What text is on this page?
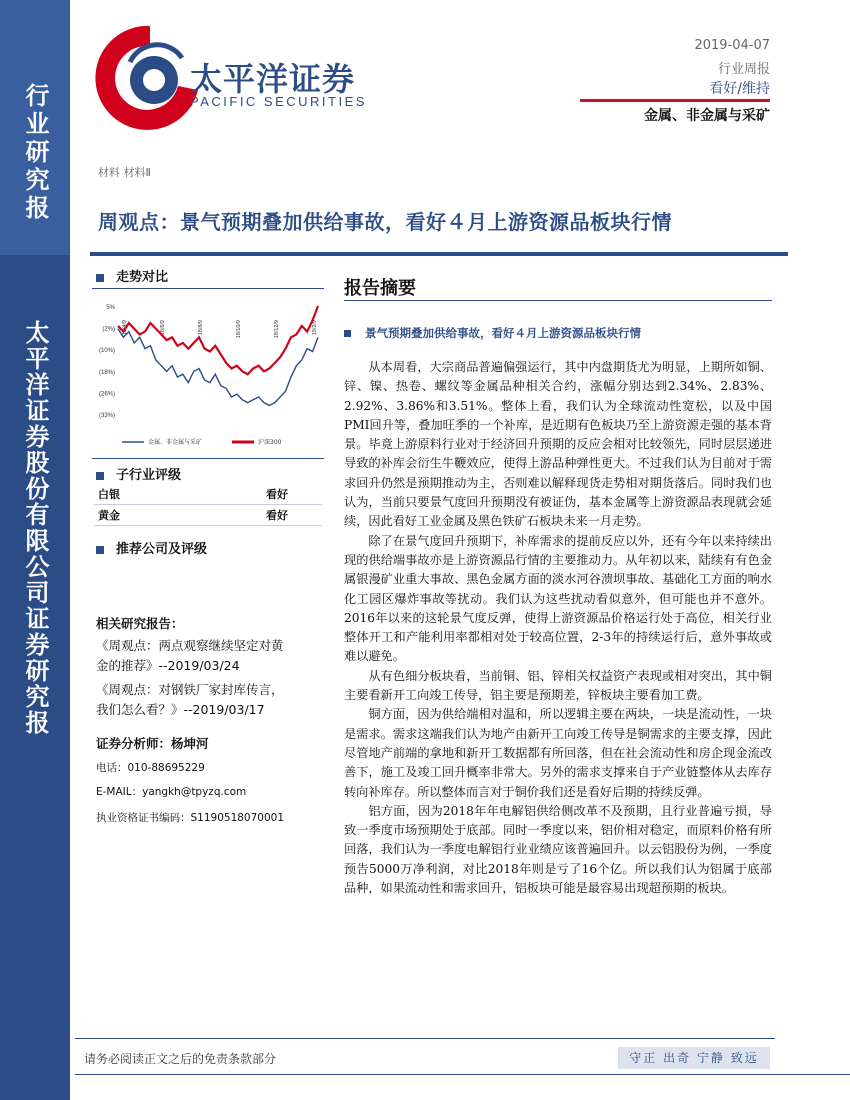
行业研究报
太平洋证券股份有限公司证券研究报
太平洋证券
PACIFIC SECURITIES
2019-04-07
行业周报
看好/维持
金属、非金属与采矿
材料 材料Ⅱ
周观点：景气预期叠加供给事故，看好４月上游资源品板块行情
走势对比
5%
(2%)
(10%)
(18%)
(26%)
(33%)
18/4/9	18/6/9	18/8/9	18/10/9	18/12/9	19/2/9
金属、非金属与采矿	沪深300
子行业评级
白银	看好
黄金	看好
推荐公司及评级
相关研究报告：
《周观点：两点观察继续坚定对黄
金的推荐》--2019/03/24
《周观点：对钢铁厂家封库传言，
我们怎么看？》--2019/03/17
证券分析师：杨坤河
电话：010-88695229
E-MAIL：yangkh@tpyzq.com
执业资格证书编码：S1190518070001
报告摘要
景气预期叠加供给事故，看好４月上游资源品板块行情

从本周看，大宗商品普遍偏强运行，其中内盘期货尤为明显，上期所如铜、锌、镍、热卷、螺纹等金属品种相关合约，涨幅分别达到2.34%、2.83%、2.92%、3.86%和3.51%。整体上看，我们认为全球流动性宽松，以及中国PMI回升等，叠加旺季的一个补库，是近期有色板块乃至上游资源走强的基本背景。毕竟上游原料行业对于经济回升预期的反应会相对比较领先，同时层层递进导致的补库会衍生牛鞭效应，使得上游品种弹性更大。不过我们认为目前对于需求回升仍然是预期推动为主，否则难以解释现货走势相对期货落后。同时我们也认为，当前只要景气度回升预期没有被证伪，基本金属等上游资源品表现就会延续，因此看好工业金属及黑色铁矿石板块未来一月走势。

除了在景气度回升预期下，补库需求的提前反应以外，还有今年以来持续出现的供给端事故亦是上游资源品行情的主要推动力。从年初以来，陆续有有色金属银漫矿业重大事故、黑色金属方面的淡水河谷溃坝事故、基础化工方面的响水化工园区爆炸事故等扰动。我们认为这些扰动看似意外，但可能也并不意外。2016年以来的这轮景气度反弹，使得上游资源品价格运行处于高位，相关行业整体开工和产能利用率都相对处于较高位置，2-3年的持续运行后，意外事故或难以避免。

从有色细分板块看，当前铜、铝、锌相关权益资产表现或相对突出，其中铜主要看新开工向竣工传导，铝主要是预期差，锌板块主要看加工费。

铜方面，因为供给端相对温和，所以逻辑主要在两块，一块是流动性，一块是需求。需求这端我们认为地产由新开工向竣工传导是铜需求的主要支撑，因此尽管地产前端的拿地和新开工数据都有所回落，但在社会流动性和房企现金流改善下，施工及竣工回升概率非常大。另外的需求支撑来自于产业链整体从去库存转向补库存。所以整体而言对于铜价我们还是看好后期的持续反弹。

铝方面，因为2018年年电解铝供给侧改革不及预期，且行业普遍亏损，导致一季度市场预期处于底部。同时一季度以来，铝价相对稳定，而原料价格有所回落，我们认为一季度电解铝行业业绩应该普遍回升。以云铝股份为例，一季度预告5000万净利润，对比2018年则是亏了16个亿。所以我们认为铝属于底部品种，如果流动性和需求回升，铝板块可能是最容易出现超预期的板块。

请务必阅读正文之后的免责条款部分	守正 出奇 宁静 致远
